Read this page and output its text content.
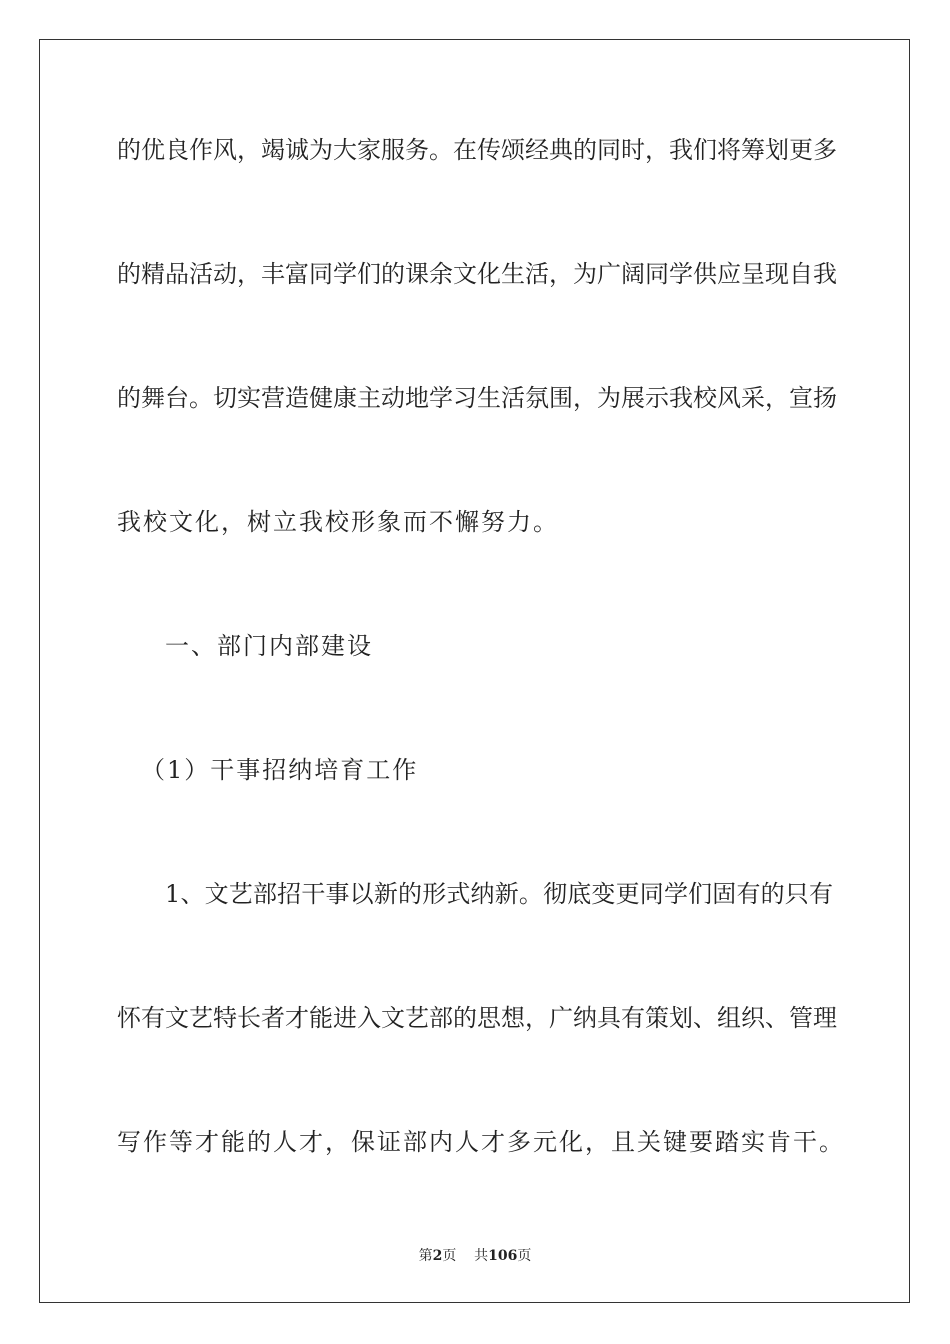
的优良作风，竭诚为大家服务。在传颂经典的同时，我们将筹划更多
的精品活动，丰富同学们的课余文化生活，为广阔同学供应呈现自我
的舞台。切实营造健康主动地学习生活氛围，为展示我校风采，宣扬
我校文化，树立我校形象而不懈努力。
一、部门内部建设
（1）干事招纳培育工作
1、文艺部招干事以新的形式纳新。彻底变更同学们固有的只有
怀有文艺特长者才能进入文艺部的思想，广纳具有策划、组织、管理
写作等才能的人才，保证部内人才多元化，且关键要踏实肯干。
第2页 共106页
